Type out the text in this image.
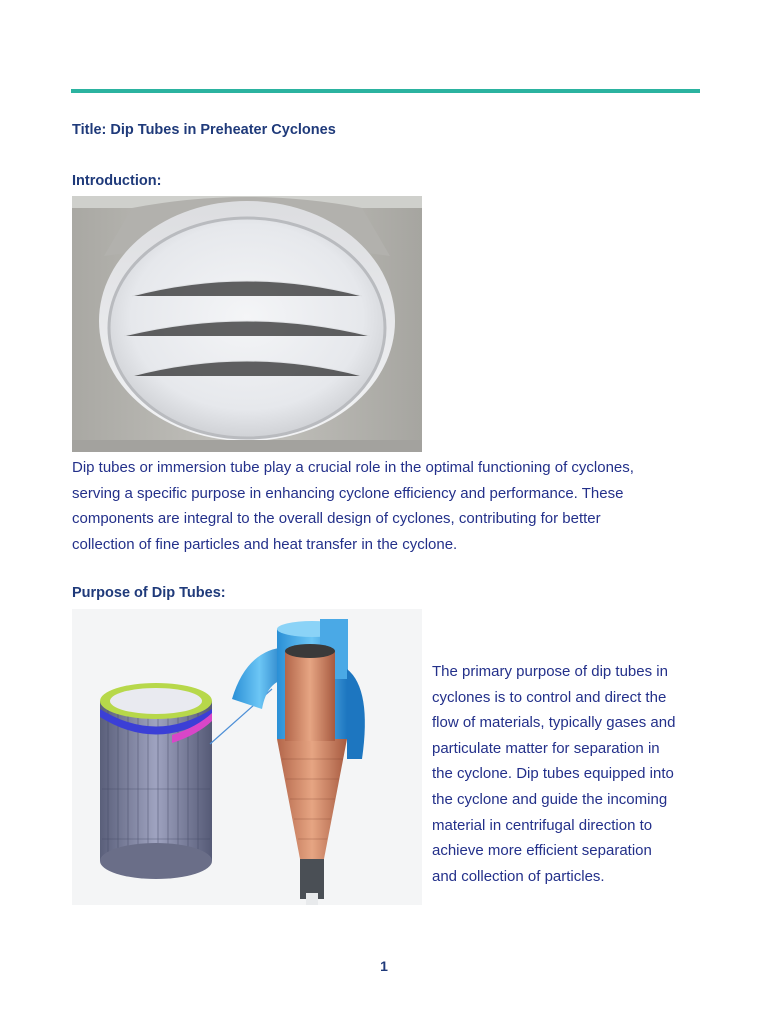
Title: Dip Tubes in Preheater Cyclones
Introduction:
Dip tubes or immersion tube play a crucial role in the optimal functioning of cyclones,
serving a specific purpose in enhancing cyclone efficiency and performance. These
components are integral to the overall design of cyclones, contributing for better
collection of fine particles and heat transfer in the cyclone.
Purpose of Dip Tubes:
The primary purpose of dip tubes in
cyclones is to control and direct the
flow of materials, typically gases and
particulate matter for separation in
the cyclone. Dip tubes equipped into
the cyclone and guide the incoming
material in centrifugal direction to
achieve more efficient separation
and collection of particles.
1
